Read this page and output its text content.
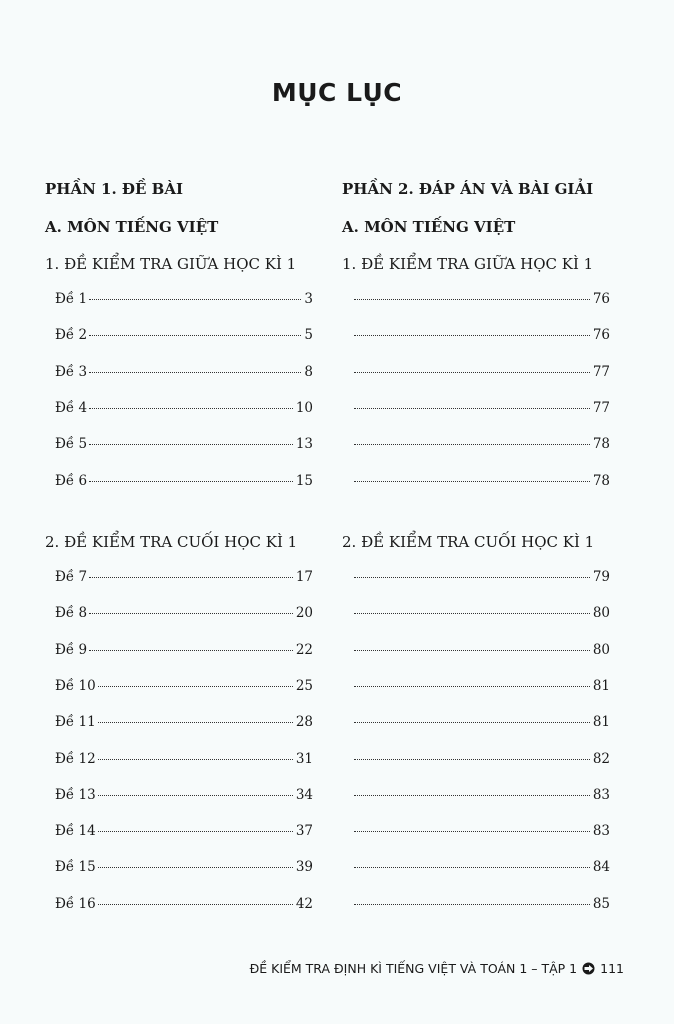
MỤC LỤC
PHẦN 1. ĐỀ BÀI
A. MÔN TIẾNG VIỆT
1. ĐỀ KIỂM TRA GIỮA HỌC KÌ 1
Đề 1	3
Đề 2	5
Đề 3	8
Đề 4	10
Đề 5	13
Đề 6	15
2. ĐỀ KIỂM TRA CUỐI HỌC KÌ 1
Đề 7	17
Đề 8	20
Đề 9	22
Đề 10	25
Đề 11	28
Đề 12	31
Đề 13	34
Đề 14	37
Đề 15	39
Đề 16	42
PHẦN 2. ĐÁP ÁN VÀ BÀI GIẢI
A. MÔN TIẾNG VIỆT
1. ĐỀ KIỂM TRA GIỮA HỌC KÌ 1
76
76
77
77
78
78
2. ĐỀ KIỂM TRA CUỐI HỌC KÌ 1
79
80
80
81
81
82
83
83
84
85
ĐỀ KIỂM TRA ĐỊNH KÌ TIẾNG VIỆT VÀ TOÁN 1 – TẬP 1 111
